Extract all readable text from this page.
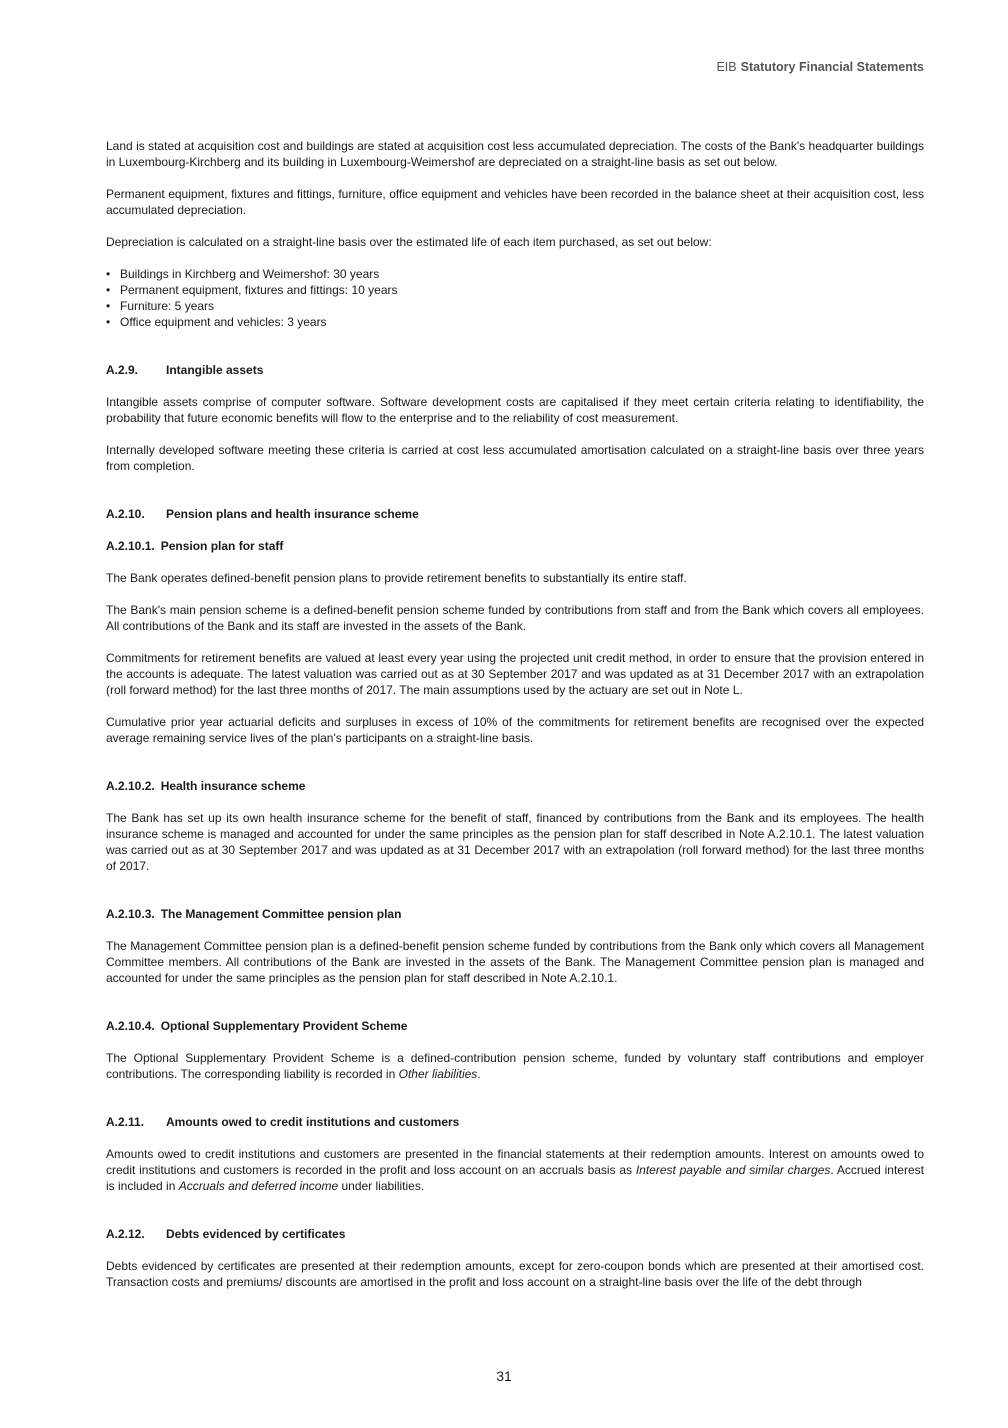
EIB Statutory Financial Statements

Land is stated at acquisition cost and buildings are stated at acquisition cost less accumulated depreciation. The costs of the Bank's headquarter buildings in Luxembourg-Kirchberg and its building in Luxembourg-Weimershof are depreciated on a straight-line basis as set out below.

Permanent equipment, fixtures and fittings, furniture, office equipment and vehicles have been recorded in the balance sheet at their acquisition cost, less accumulated depreciation.

Depreciation is calculated on a straight-line basis over the estimated life of each item purchased, as set out below:

• Buildings in Kirchberg and Weimershof: 30 years
• Permanent equipment, fixtures and fittings: 10 years
• Furniture: 5 years
• Office equipment and vehicles: 3 years
A.2.9. Intangible assets

Intangible assets comprise of computer software. Software development costs are capitalised if they meet certain criteria relating to identifiability, the probability that future economic benefits will flow to the enterprise and to the reliability of cost measurement.

Internally developed software meeting these criteria is carried at cost less accumulated amortisation calculated on a straight-line basis over three years from completion.

A.2.10. Pension plans and health insurance scheme
A.2.10.1. Pension plan for staff

The Bank operates defined-benefit pension plans to provide retirement benefits to substantially its entire staff.

The Bank's main pension scheme is a defined-benefit pension scheme funded by contributions from staff and from the Bank which covers all employees. All contributions of the Bank and its staff are invested in the assets of the Bank.

Commitments for retirement benefits are valued at least every year using the projected unit credit method, in order to ensure that the provision entered in the accounts is adequate. The latest valuation was carried out as at 30 September 2017 and was updated as at 31 December 2017 with an extrapolation (roll forward method) for the last three months of 2017. The main assumptions used by the actuary are set out in Note L.

Cumulative prior year actuarial deficits and surpluses in excess of 10% of the commitments for retirement benefits are recognised over the expected average remaining service lives of the plan's participants on a straight-line basis.

A.2.10.2. Health insurance scheme

The Bank has set up its own health insurance scheme for the benefit of staff, financed by contributions from the Bank and its employees. The health insurance scheme is managed and accounted for under the same principles as the pension plan for staff described in Note A.2.10.1. The latest valuation was carried out as at 30 September 2017 and was updated as at 31 December 2017 with an extrapolation (roll forward method) for the last three months of 2017.

A.2.10.3. The Management Committee pension plan

The Management Committee pension plan is a defined-benefit pension scheme funded by contributions from the Bank only which covers all Management Committee members. All contributions of the Bank are invested in the assets of the Bank. The Management Committee pension plan is managed and accounted for under the same principles as the pension plan for staff described in Note A.2.10.1.

A.2.10.4. Optional Supplementary Provident Scheme

The Optional Supplementary Provident Scheme is a defined-contribution pension scheme, funded by voluntary staff contributions and employer contributions. The corresponding liability is recorded in Other liabilities.

A.2.11. Amounts owed to credit institutions and customers

Amounts owed to credit institutions and customers are presented in the financial statements at their redemption amounts. Interest on amounts owed to credit institutions and customers is recorded in the profit and loss account on an accruals basis as Interest payable and similar charges. Accrued interest is included in Accruals and deferred income under liabilities.

A.2.12. Debts evidenced by certificates

Debts evidenced by certificates are presented at their redemption amounts, except for zero-coupon bonds which are presented at their amortised cost. Transaction costs and premiums/ discounts are amortised in the profit and loss account on a straight-line basis over the life of the debt through

31
